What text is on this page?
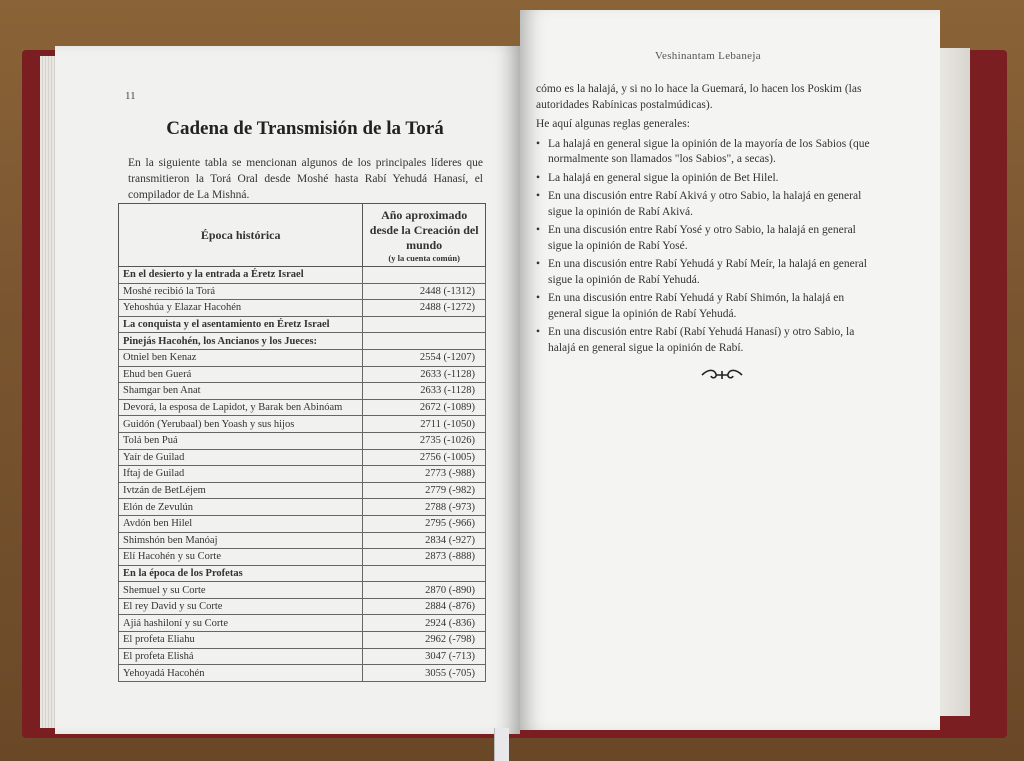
11
Cadena de Transmisión de la Torá
En la siguiente tabla se mencionan algunos de los principales líderes que transmitieron la Torá Oral desde Moshé hasta Rabí Yehudá Hanasí, el compilador de La Mishná.
Época histórica	Año aproximado desde la Creación del mundo
(y la cuenta común)

En el desierto y la entrada a Éretz Israel	
Moshé recibió la Torá	2448 (-1312)
Yehoshúa y Elazar Hacohén	2488 (-1272)
La conquista y el asentamiento en Éretz Israel	
Pinejás Hacohén, los Ancianos y los Jueces:	
Otniel ben Kenaz	2554 (-1207)
Ehud ben Guerá	2633 (-1128)
Shamgar ben Anat	2633 (-1128)
Devorá, la esposa de Lapidot, y Barak ben Abinóam	2672 (-1089)
Guidón (Yerubaal) ben Yoash y sus hijos	2711 (-1050)
Tolá ben Puá	2735 (-1026)
Yaír de Guilad	2756 (-1005)
Iftaj de Guilad	2773 (-988)
Ivtzán de BetLéjem	2779 (-982)
Elón de Zevulún	2788 (-973)
Avdón ben Hilel	2795 (-966)
Shimshón ben Manóaj	2834 (-927)
Elí Hacohén y su Corte	2873 (-888)
En la época de los Profetas	
Shemuel y su Corte	2870 (-890)
El rey David y su Corte	2884 (-876)
Ajiá hashiloní y su Corte	2924 (-836)
El profeta Eliahu	2962 (-798)
El profeta Elishá	3047 (-713)
Yehoyadá Hacohén	3055 (-705)
Veshinantam Lebaneja

cómo es la halajá, y si no lo hace la Guemará, lo hacen los Poskim (las autoridades Rabínicas postalmúdicas).

He aquí algunas reglas generales:

• La halajá en general sigue la opinión de la mayoría de los Sabios (que normalmente son llamados "los Sabios", a secas).
• La halajá en general sigue la opinión de Bet Hilel.
• En una discusión entre Rabí Akivá y otro Sabio, la halajá en general sigue la opinión de Rabí Akivá.
• En una discusión entre Rabí Yosé y otro Sabio, la halajá en general sigue la opinión de Rabí Yosé.
• En una discusión entre Rabí Yehudá y Rabí Meír, la halajá en general sigue la opinión de Rabí Yehudá.
• En una discusión entre Rabí Yehudá y Rabí Shimón, la halajá en general sigue la opinión de Rabí Yehudá.
• En una discusión entre Rabí (Rabí Yehudá Hanasí) y otro Sabio, la halajá en general sigue la opinión de Rabí.
